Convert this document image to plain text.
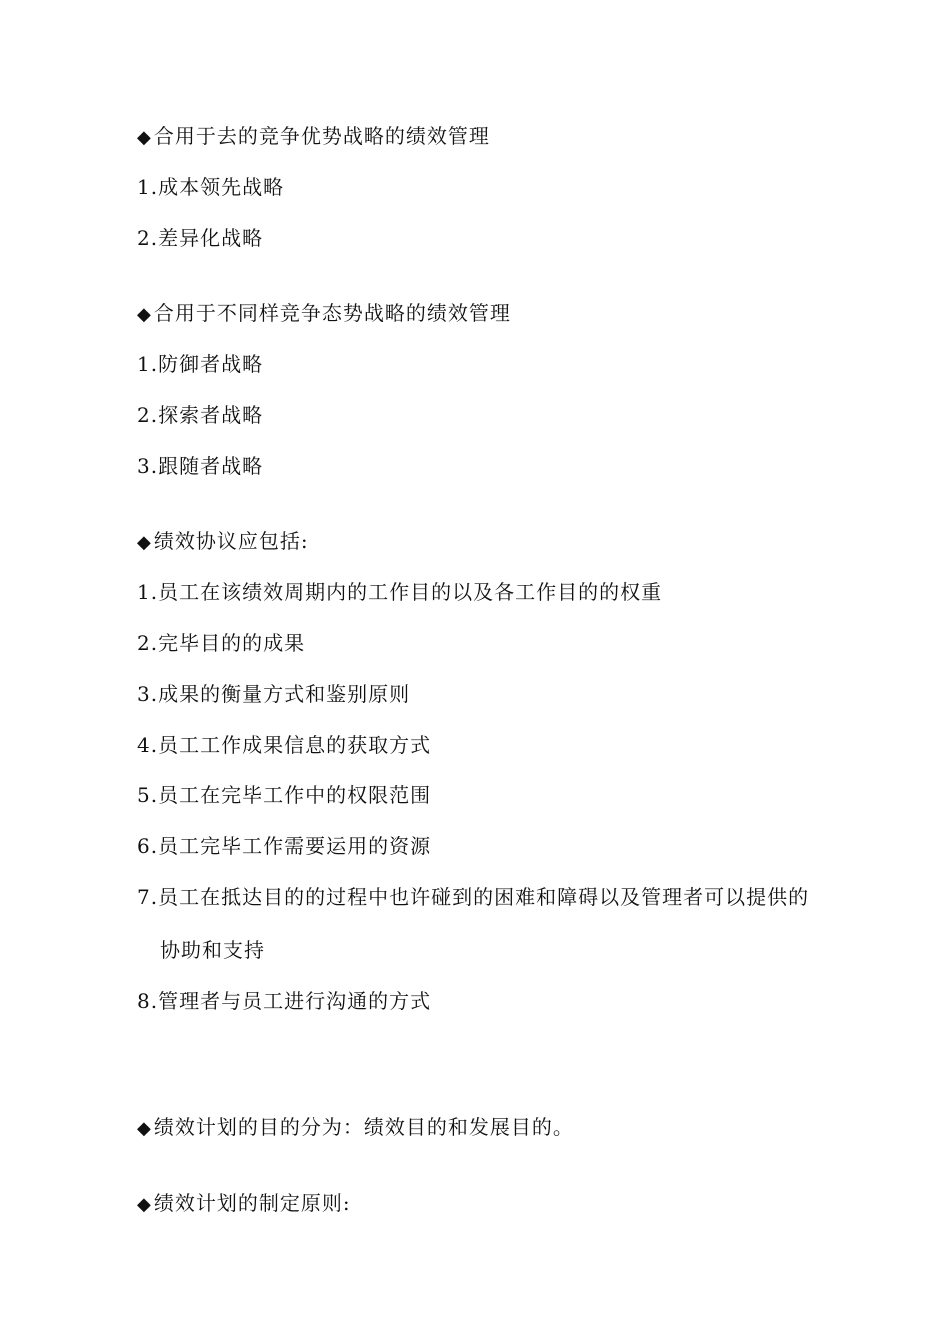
◆ 合用于去的竞争优势战略的绩效管理

1.成本领先战略

2.差异化战略

◆ 合用于不同样竞争态势战略的绩效管理

1.防御者战略

2.探索者战略

3.跟随者战略

◆ 绩效协议应包括:

1.员工在该绩效周期内的工作目的以及各工作目的的权重

2.完毕目的的成果

3.成果的衡量方式和鉴别原则

4.员工工作成果信息的获取方式

5.员工在完毕工作中的权限范围

6.员工完毕工作需要运用的资源

7.员工在抵达目的的过程中也许碰到的困难和障碍以及管理者可以提供的

协助和支持

8.管理者与员工进行沟通的方式

◆ 绩效计划的目的分为：绩效目的和发展目的。

◆ 绩效计划的制定原则:
